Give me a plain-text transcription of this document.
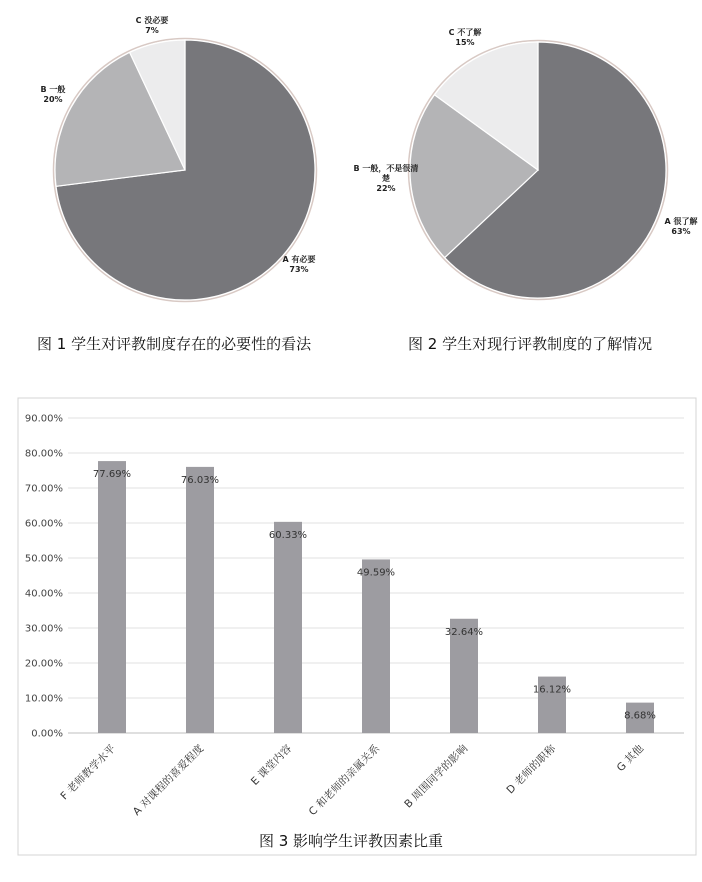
A 有必要
73%
B 一般
20%
C 没必要
7%
图 1 学生对评教制度存在的必要性的看法
A 很了解
63%
B 一般，不是很清
楚
22%
C 不了解
15%
图 2 学生对现行评教制度的了解情况
0.00%
10.00%
20.00%
30.00%
40.00%
50.00%
60.00%
70.00%
80.00%
90.00%
77.69%
F 老师教学水平
76.03%
A 对课程的喜爱程度
60.33%
E 课堂内容
49.59%
C 和老师的亲属关系
32.64%
B 周围同学的影响
16.12%
D 老师的职称
8.68%
G 其他
图 3 影响学生评教因素比重
